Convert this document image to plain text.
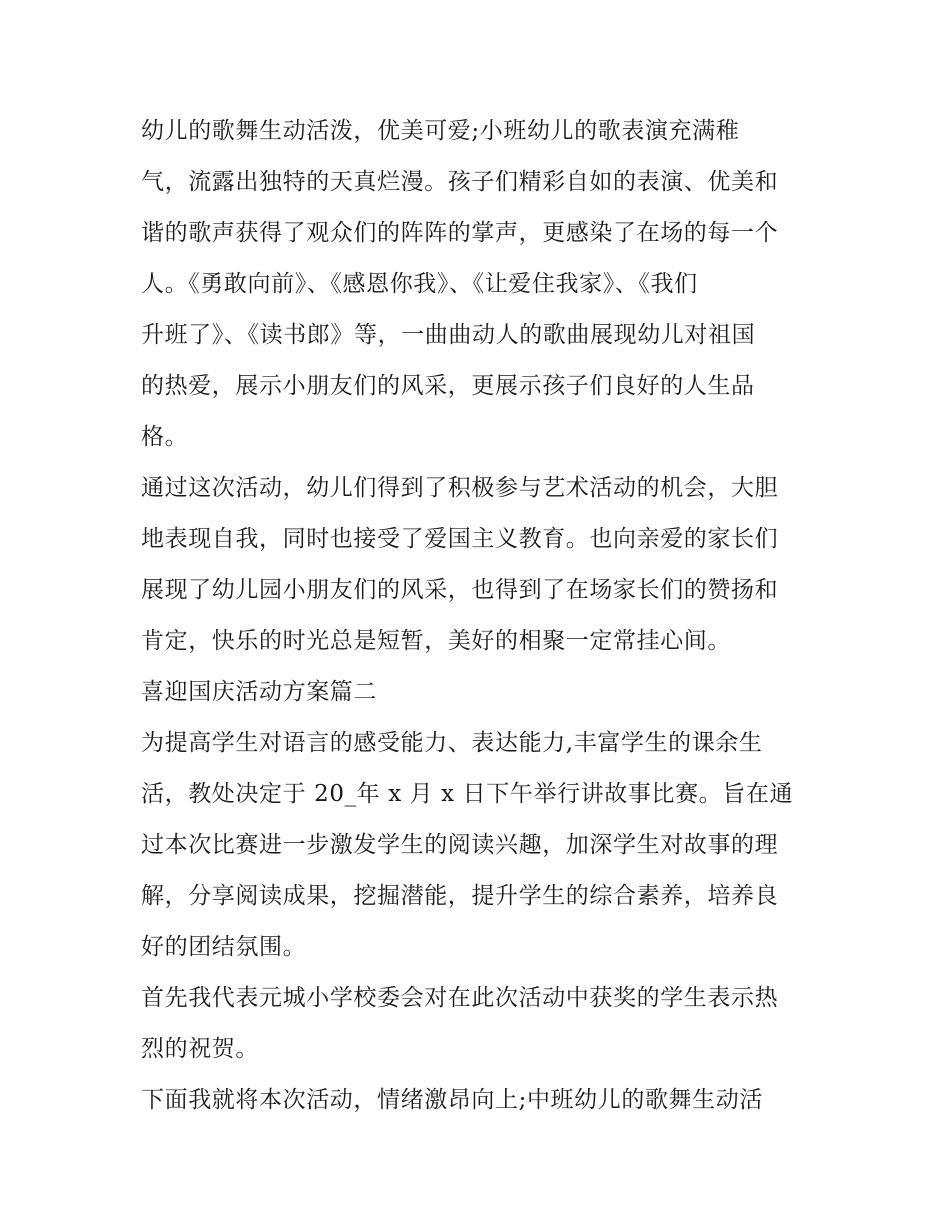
幼儿的歌舞生动活泼，优美可爱;小班幼儿的歌表演充满稚
气，流露出独特的天真烂漫。孩子们精彩自如的表演、优美和
谐的歌声获得了观众们的阵阵的掌声，更感染了在场的每一个
人。《勇敢向前》、《感恩你我》、《让爱住我家》、《我们
升班了》、《读书郎》等，一曲曲动人的歌曲展现幼儿对祖国
的热爱，展示小朋友们的风采，更展示孩子们良好的人生品
格。
通过这次活动，幼儿们得到了积极参与艺术活动的机会，大胆
地表现自我，同时也接受了爱国主义教育。也向亲爱的家长们
展现了幼儿园小朋友们的风采，也得到了在场家长们的赞扬和
肯定，快乐的时光总是短暂，美好的相聚一定常挂心间。
喜迎国庆活动方案篇二
为提高学生对语言的感受能力、表达能力,丰富学生的课余生
活，教处决定于 20_年 x 月 x 日下午举行讲故事比赛。旨在通
过本次比赛进一步激发学生的阅读兴趣，加深学生对故事的理
解，分享阅读成果，挖掘潜能，提升学生的综合素养，培养良
好的团结氛围。
首先我代表元城小学校委会对在此次活动中获奖的学生表示热
烈的祝贺。
下面我就将本次活动，情绪激昂向上;中班幼儿的歌舞生动活
